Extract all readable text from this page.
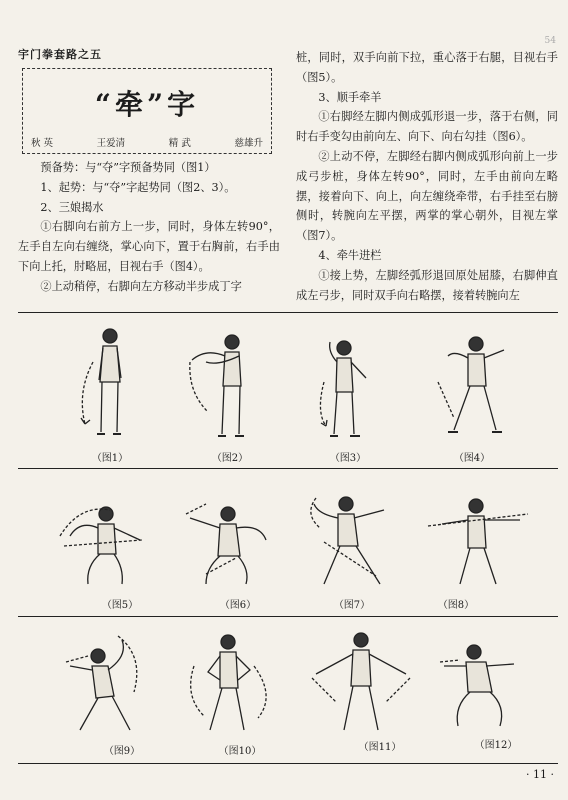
54
宇门拳套路之五
“牵”字
秋 英	王爱清	精 武	慈雄升

预备势：与“夺”字预备势同（图1）

1、起势：与“夺”字起势同（图2、3）。

2、三娘揭水

①右脚向右前方上一步，同时，身体左转90°，左手自左向右缠绕，掌心向下，置于右胸前，右手由下向上托，肘略屈，目视右手（图4）。

②上动稍停，右脚向左方移动半步成丁字

桩，同时，双手向前下拉，重心落于右腿，目视右手（图5）。

3、顺手牵羊

①右脚经左脚内侧成弧形退一步，落于右侧，同时右手变勾由前向左、向下、向右勾挂（图6）。

②上动不停，左脚经右脚内侧成弧形向前上一步成弓步桩，身体左转90°，同时，左手由前向左略摆，接着向下、向上，向左缠绕牵带，右手挂至右膀侧时，转腕向左平摆，两掌的掌心朝外，目视左掌（图7）。

4、牵牛进栏

①接上势，左脚经弧形退回原处屈膝，右脚伸直成左弓步，同时双手向右略摆，接着转腕向左

（图1）	（图2）	（图3）	（图4）
（图5）	（图6）	（图7）	（图8）
（图9）	（图10）	（图11）	（图12）
· 11 ·
